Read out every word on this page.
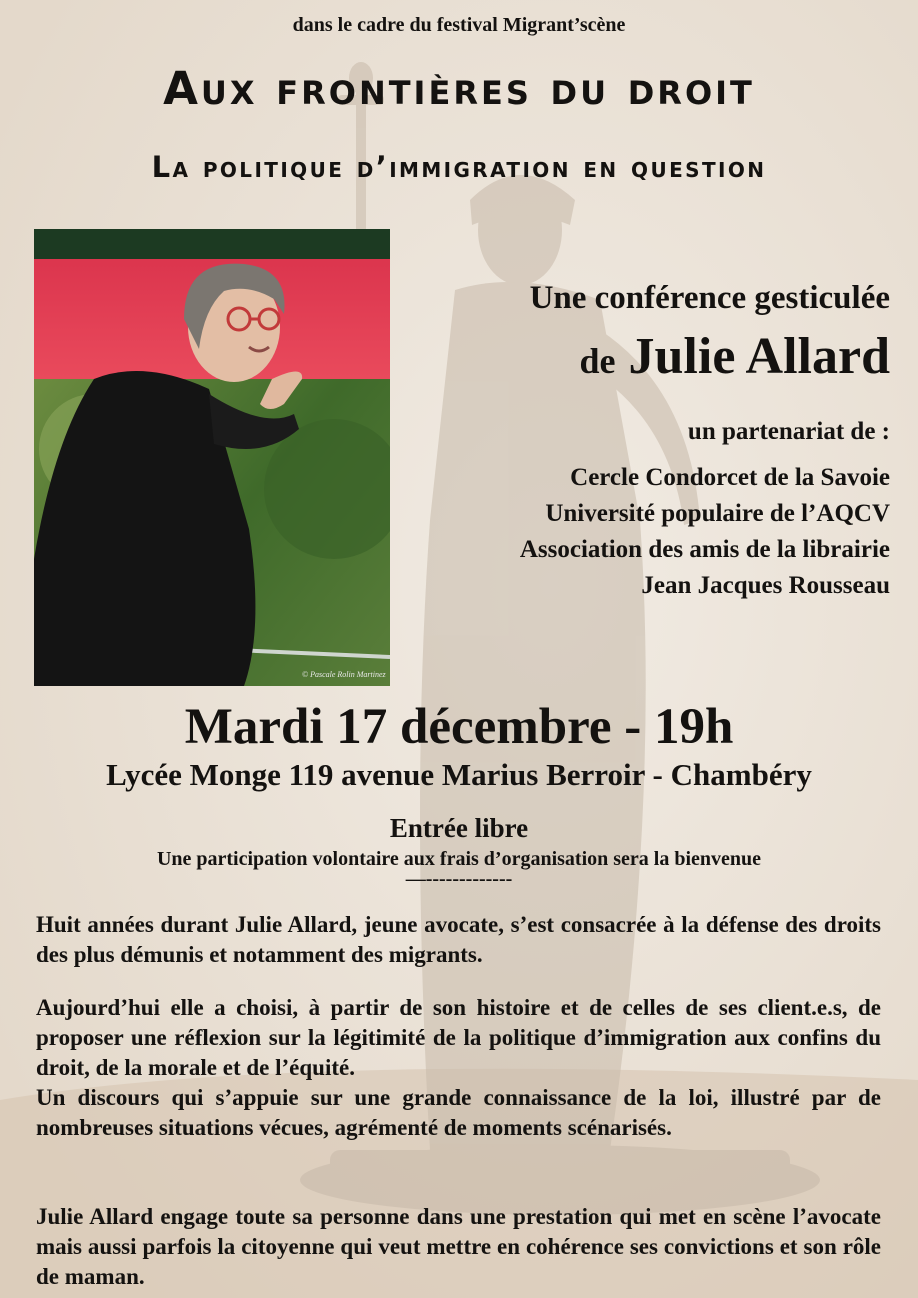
dans le cadre du festival Migrant’scène
Aux frontières du droit
La politique d’immigration en question
© Pascale Rolin Martinez
Une conférence gesticulée
de Julie Allard
un partenariat de :
Cercle Condorcet de la Savoie
Université populaire de l’AQCV
Association des amis de la librairie
Jean Jacques Rousseau
Mardi 17 décembre - 19h
Lycée Monge 119 avenue Marius Berroir - Chambéry
Entrée libre
Une participation volontaire aux frais d’organisation sera la bienvenue
—-------------
Huit années durant Julie Allard, jeune avocate, s’est consacrée à la défense des droits des plus démunis et notamment des migrants.
Aujourd’hui elle a choisi, à partir de son histoire et de celles de ses client.e.s, de proposer une réflexion sur la légitimité de la politique d’immigration aux confins du droit, de la morale et de l’équité.
Un discours qui s’appuie sur une grande connaissance de la loi, illustré par de nombreuses situations vécues, agrémenté de moments scénarisés.
Julie Allard engage toute sa personne dans une prestation qui met en scène l’avocate mais aussi parfois la citoyenne qui veut mettre en cohérence ses convictions et son rôle de maman.
